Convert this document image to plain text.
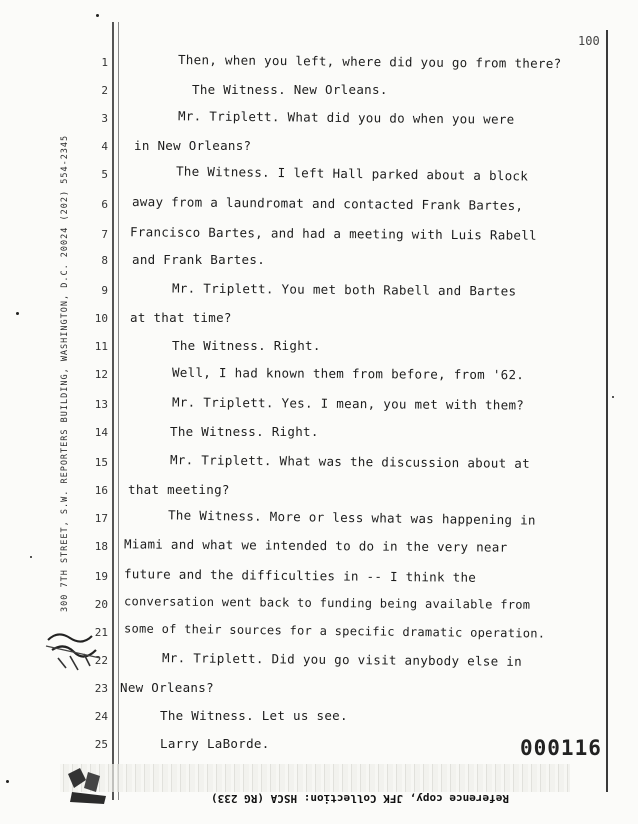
100
300 7TH STREET, S.W. REPORTERS BUILDING, WASHINGTON, D.C. 20024 (202) 554-2345
1
2
3
4
5
6
7
8
9
10
11
12
13
14
15
16
17
18
19
20
21
22
23
24
25
Then, when you left, where did you go from there?
The Witness. New Orleans.
Mr. Triplett. What did you do when you were
in New Orleans?
The Witness. I left Hall parked about a block
away from a laundromat and contacted Frank Bartes,
Francisco Bartes, and had a meeting with Luis Rabell
and Frank Bartes.
Mr. Triplett. You met both Rabell and Bartes
at that time?
The Witness. Right.
Well, I had known them from before, from '62.
Mr. Triplett. Yes. I mean, you met with them?
The Witness. Right.
Mr. Triplett. What was the discussion about at
that meeting?
The Witness. More or less what was happening in
Miami and what we intended to do in the very near
future and the difficulties in -- I think the
conversation went back to funding being available from
some of their sources for a specific dramatic operation.
Mr. Triplett. Did you go visit anybody else in
New Orleans?
The Witness. Let us see.
Larry LaBorde.	000116
Reference copy, JFK Collection: HSCA (RG 233)
